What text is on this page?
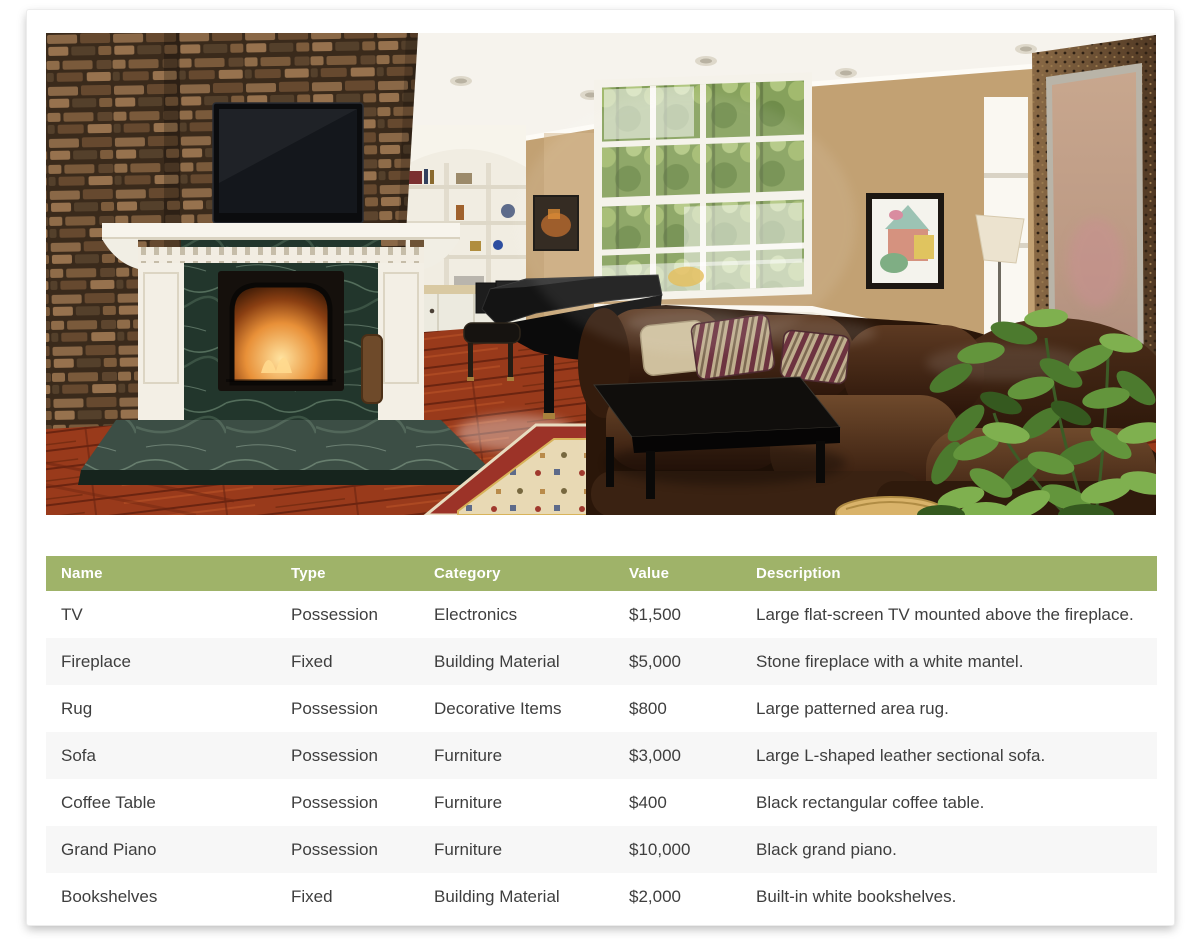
Name	Type	Category	Value	Description
TV	Possession	Electronics	$1,500	Large flat-screen TV mounted above the fireplace.
Fireplace	Fixed	Building Material	$5,000	Stone fireplace with a white mantel.
Rug	Possession	Decorative Items	$800	Large patterned area rug.
Sofa	Possession	Furniture	$3,000	Large L-shaped leather sectional sofa.
Coffee Table	Possession	Furniture	$400	Black rectangular coffee table.
Grand Piano	Possession	Furniture	$10,000	Black grand piano.
Bookshelves	Fixed	Building Material	$2,000	Built-in white bookshelves.
